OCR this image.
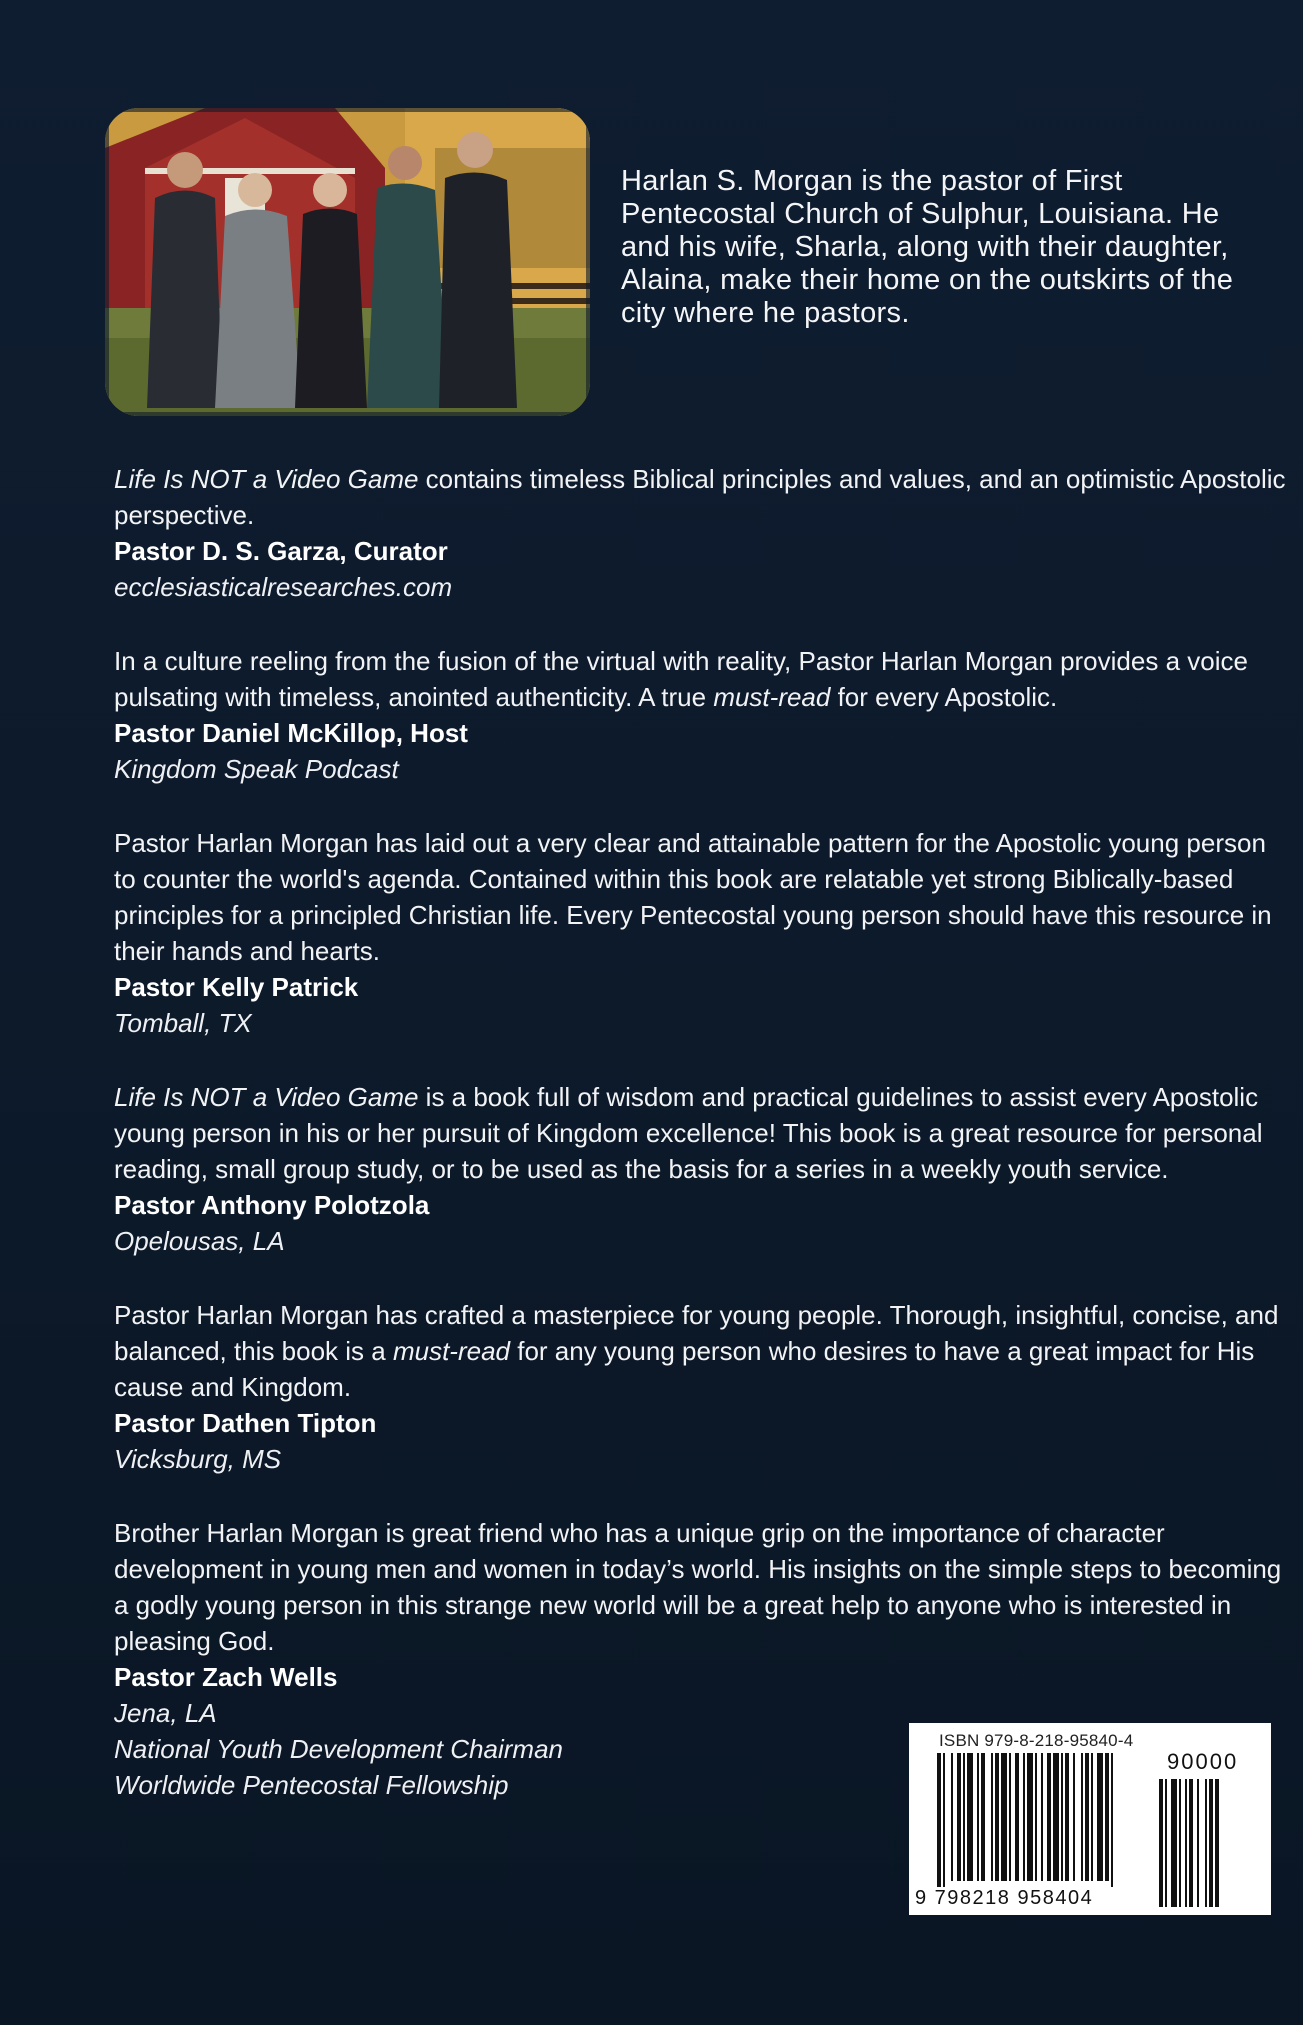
Harlan S. Morgan is the pastor of First Pentecostal Church of Sulphur, Louisiana. He and his wife, Sharla, along with their daughter, Alaina, make their home on the outskirts of the city where he pastors.

Life Is NOT a Video Game contains timeless Biblical principles and values, and an optimistic Apostolic perspective.

Pastor D. S. Garza, Curator

ecclesiasticalresearches.com

In a culture reeling from the fusion of the virtual with reality, Pastor Harlan Morgan provides a voice pulsating with timeless, anointed authenticity. A true must-read for every Apostolic.

Pastor Daniel McKillop, Host

Kingdom Speak Podcast

Pastor Harlan Morgan has laid out a very clear and attainable pattern for the Apostolic young person to counter the world's agenda. Contained within this book are relatable yet strong Biblically-based principles for a principled Christian life. Every Pentecostal young person should have this resource in their hands and hearts.

Pastor Kelly Patrick

Tomball, TX

Life Is NOT a Video Game is a book full of wisdom and practical guidelines to assist every Apostolic young person in his or her pursuit of Kingdom excellence! This book is a great resource for personal reading, small group study, or to be used as the basis for a series in a weekly youth service.

Pastor Anthony Polotzola

Opelousas, LA

Pastor Harlan Morgan has crafted a masterpiece for young people. Thorough, insightful, concise, and balanced, this book is a must-read for any young person who desires to have a great impact for His cause and Kingdom.

Pastor Dathen Tipton

Vicksburg, MS

Brother Harlan Morgan is great friend who has a unique grip on the importance of character development in young men and women in today’s world. His insights on the simple steps to becoming a godly young person in this strange new world will be a great help to anyone who is interested in pleasing God.

Pastor Zach Wells

Jena, LA

National Youth Development Chairman

Worldwide Pentecostal Fellowship

ISBN 979-8-218-95840-4
90000
9 798218 958404
